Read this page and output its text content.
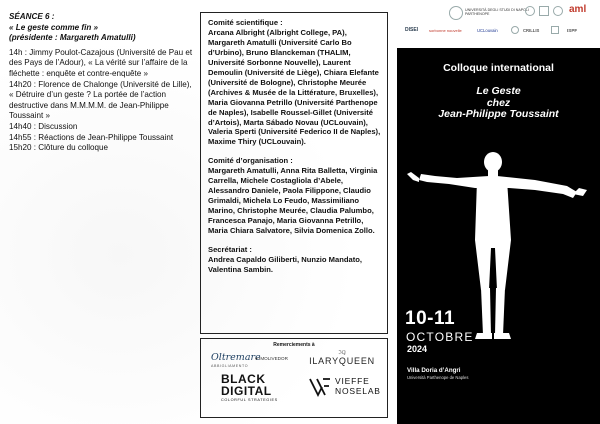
SÉANCE 6 :
« Le geste comme fin »
(présidente : Margareth Amatulli)

14h : Jimmy Poulot-Cazajous (Université de Pau et des Pays de l’Adour), « La vérité sur l’affaire de la fléchette : enquête et contre-enquête »

14h20 : Florence de Chalonge (Université de Lille), « Détruire d’un geste ? La portée de l’action destructive dans M.M.M.M. de Jean-Philippe Toussaint »

14h40 : Discussion

14h55 : Réactions de Jean-Philippe Toussaint

15h20 : Clôture du colloque

Comité scientifique :
Arcana Albright (Albright College, PA), Margareth Amatulli (Université Carlo Bo d’Urbino), Bruno Blanckeman (THALIM, Université Sorbonne Nouvelle), Laurent Demoulin (Université de Liège), Chiara Elefante (Université de Bologne), Christophe Meurée (Archives & Musée de la Littérature, Bruxelles), Maria Giovanna Petrillo (Université Parthenope de Naples), Isabelle Roussel-Gillet (Université d’Artois), Marta Sábado Novau (UCLouvain), Valeria Sperti (Université Federico II de Naples), Maxime Thiry (UCLouvain).
Comité d’organisation :
Margareth Amatulli, Anna Rita Balletta, Virginia Carrella, Michele Costagliola d’Abele, Alessandro Daniele, Paola Filippone, Claudio Grimaldi, Michela Lo Feudo, Massimiliano Marino, Christophe Meurée, Claudia Palumbo, Francesca Panajo, Maria Giovanna Petrillo, Maria Chiara Salvatore, Silvia Domenica Zollo.
Secrétariat :
Andrea Capaldo Giliberti, Nunzio Mandato, Valentina Sambin.
Remerciements à
Oltremare
ABBIGLIAMENTO
● IMOLIVEDOR
ℑℚ
ILARYQUEEN
BLACK
DIGITAL
COLORFUL STRATEGIES
VIEFFE
NOSELAB
UNIVERSITÀ DEGLI STUDI DI NAPOLI PARTHENOPE	aml
DISEI	sorbonne nouvelle	UCLouvain	CRILLIS	ISPF
Colloque international
Le Geste
chez
Jean-Philippe Toussaint
10-11
OCTOBRE
2024
Villa Doria d’Angri
Università Parthenope de Naples
